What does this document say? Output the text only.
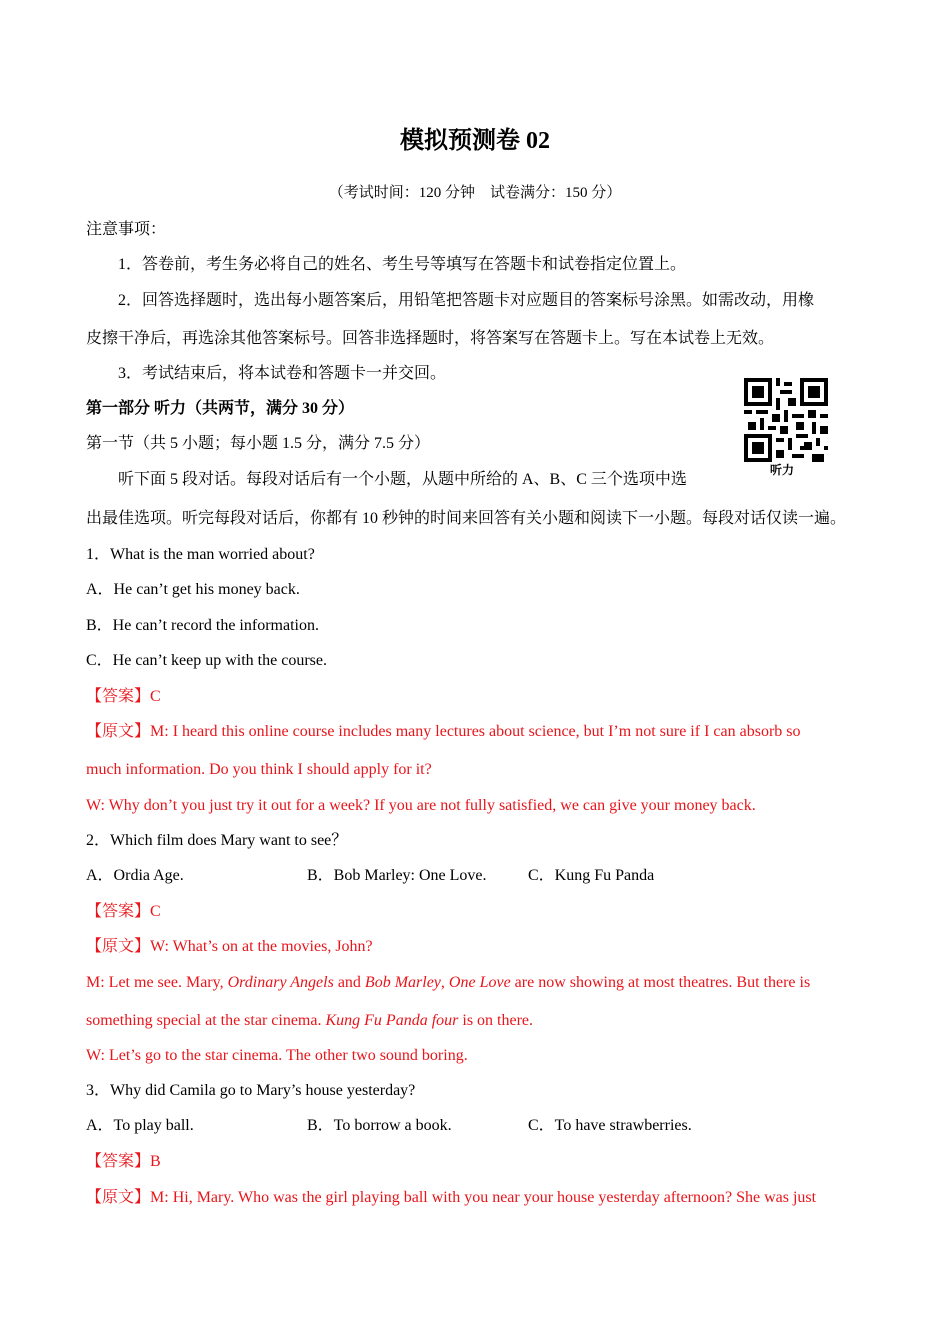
模拟预测卷 02
（考试时间：120 分钟　试卷满分：150 分）
注意事项：
1．答卷前，考生务必将自己的姓名、考生号等填写在答题卡和试卷指定位置上。
2．回答选择题时，选出每小题答案后，用铅笔把答题卡对应题目的答案标号涂黑。如需改动，用橡
皮擦干净后，再选涂其他答案标号。回答非选择题时，将答案写在答题卡上。写在本试卷上无效。
3．考试结束后，将本试卷和答题卡一并交回。
第一部分 听力（共两节，满分 30 分）
第一节（共 5 小题；每小题 1.5 分，满分 7.5 分）
听下面 5 段对话。每段对话后有一个小题，从题中所给的 A、B、C 三个选项中选
出最佳选项。听完每段对话后，你都有 10 秒钟的时间来回答有关小题和阅读下一小题。每段对话仅读一遍。
听力
1．What is the man worried about?
A．He can’t get his money back.
B．He can’t record the information.
C．He can’t keep up with the course.
【答案】C
【原文】M: I heard this online course includes many lectures about science, but I’m not sure if I can absorb so
much information. Do you think I should apply for it?
W: Why don’t you just try it out for a week? If you are not fully satisfied, we can give your money back.
2．Which film does Mary want to see？
A．Ordia Age.	B．Bob Marley: One Love.	C．Kung Fu Panda
【答案】C
【原文】W: What’s on at the movies, John?
M: Let me see. Mary, Ordinary Angels and Bob Marley, One Love are now showing at most theatres. But there is
something special at the star cinema. Kung Fu Panda four is on there.
W: Let’s go to the star cinema. The other two sound boring.
3．Why did Camila go to Mary’s house yesterday?
A．To play ball.	B．To borrow a book.	C．To have strawberries.
【答案】B
【原文】M: Hi, Mary. Who was the girl playing ball with you near your house yesterday afternoon? She was just
